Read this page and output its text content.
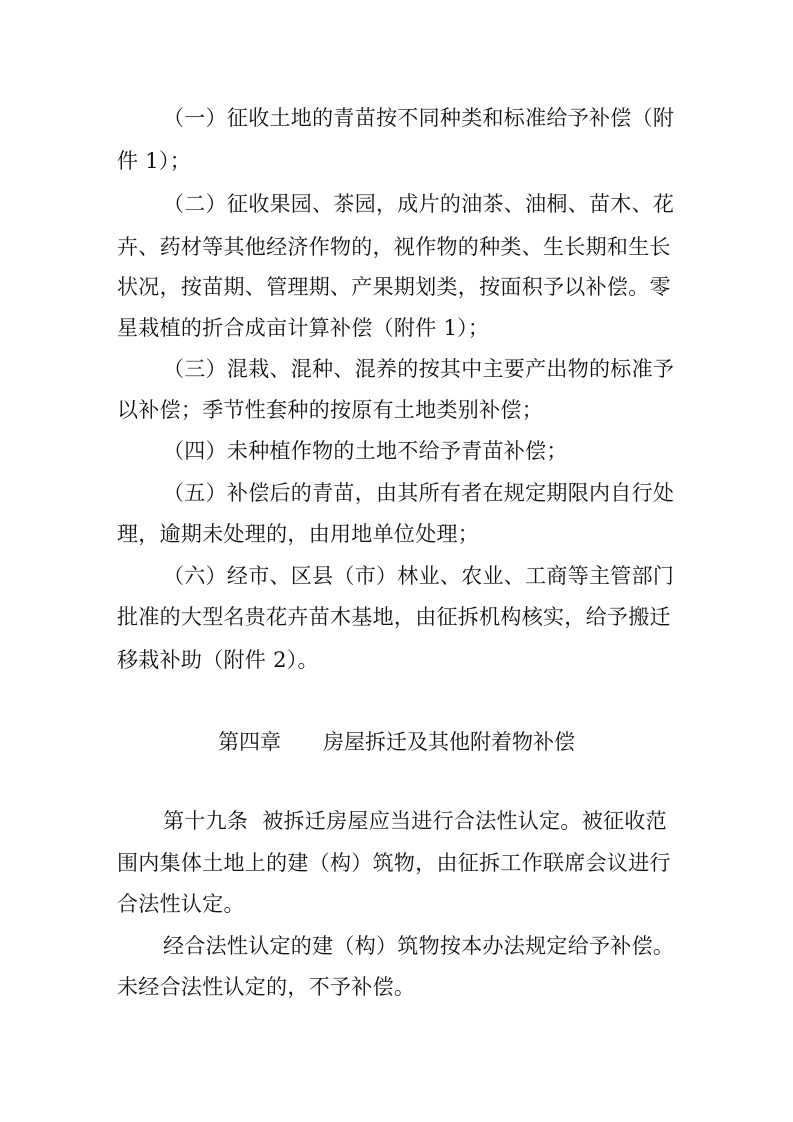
（一）征收土地的青苗按不同种类和标准给予补偿（附
件 1）；
（二）征收果园、茶园，成片的油茶、油桐、苗木、花
卉、药材等其他经济作物的，视作物的种类、生长期和生长
状况，按苗期、管理期、产果期划类，按面积予以补偿。零
星栽植的折合成亩计算补偿（附件 1）；
（三）混栽、混种、混养的按其中主要产出物的标准予
以补偿；季节性套种的按原有土地类别补偿；
（四）未种植作物的土地不给予青苗补偿；
（五）补偿后的青苗，由其所有者在规定期限内自行处
理，逾期未处理的，由用地单位处理；
（六）经市、区县（市）林业、农业、工商等主管部门
批准的大型名贵花卉苗木基地，由征拆机构核实，给予搬迁
移栽补助（附件 2）。
第四章 房屋拆迁及其他附着物补偿
第十九条 被拆迁房屋应当进行合法性认定。被征收范
围内集体土地上的建（构）筑物，由征拆工作联席会议进行
合法性认定。
经合法性认定的建（构）筑物按本办法规定给予补偿。
未经合法性认定的，不予补偿。
